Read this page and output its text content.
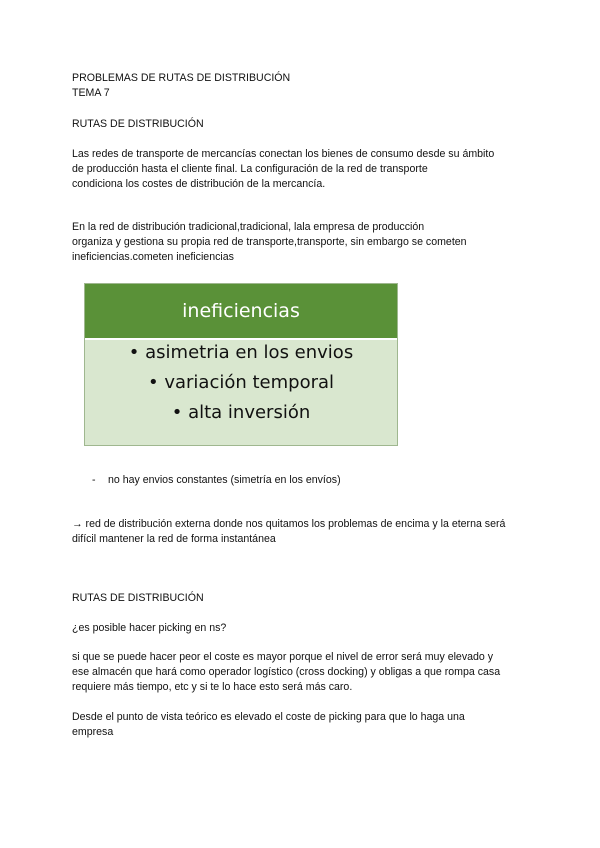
PROBLEMAS DE RUTAS DE DISTRIBUCIÓN
TEMA 7
RUTAS DE DISTRIBUCIÓN
Las redes de transporte de mercancías conectan los bienes de consumo desde su ámbito
de producción hasta el cliente final. La configuración de la red de transporte
condiciona los costes de distribución de la mercancía.
En la red de distribución tradicional,tradicional, lala empresa de producción
organiza y gestiona su propia red de transporte,transporte, sin embargo se cometen
ineficiencias.cometen ineficiencias
ineficiencias
• asimetria en los envios
• variación temporal
• alta inversión
- no hay envios constantes (simetría en los envíos)
→ red de distribución externa donde nos quitamos los problemas de encima y la eterna será
difícil mantener la red de forma instantánea
RUTAS DE DISTRIBUCIÓN
¿es posible hacer picking en ns?
si que se puede hacer peor el coste es mayor porque el nivel de error será muy elevado y
ese almacén que hará como operador logístico (cross docking) y obligas a que rompa casa
requiere más tiempo, etc y si te lo hace esto será más caro.
Desde el punto de vista teórico es elevado el coste de picking para que lo haga una
empresa
